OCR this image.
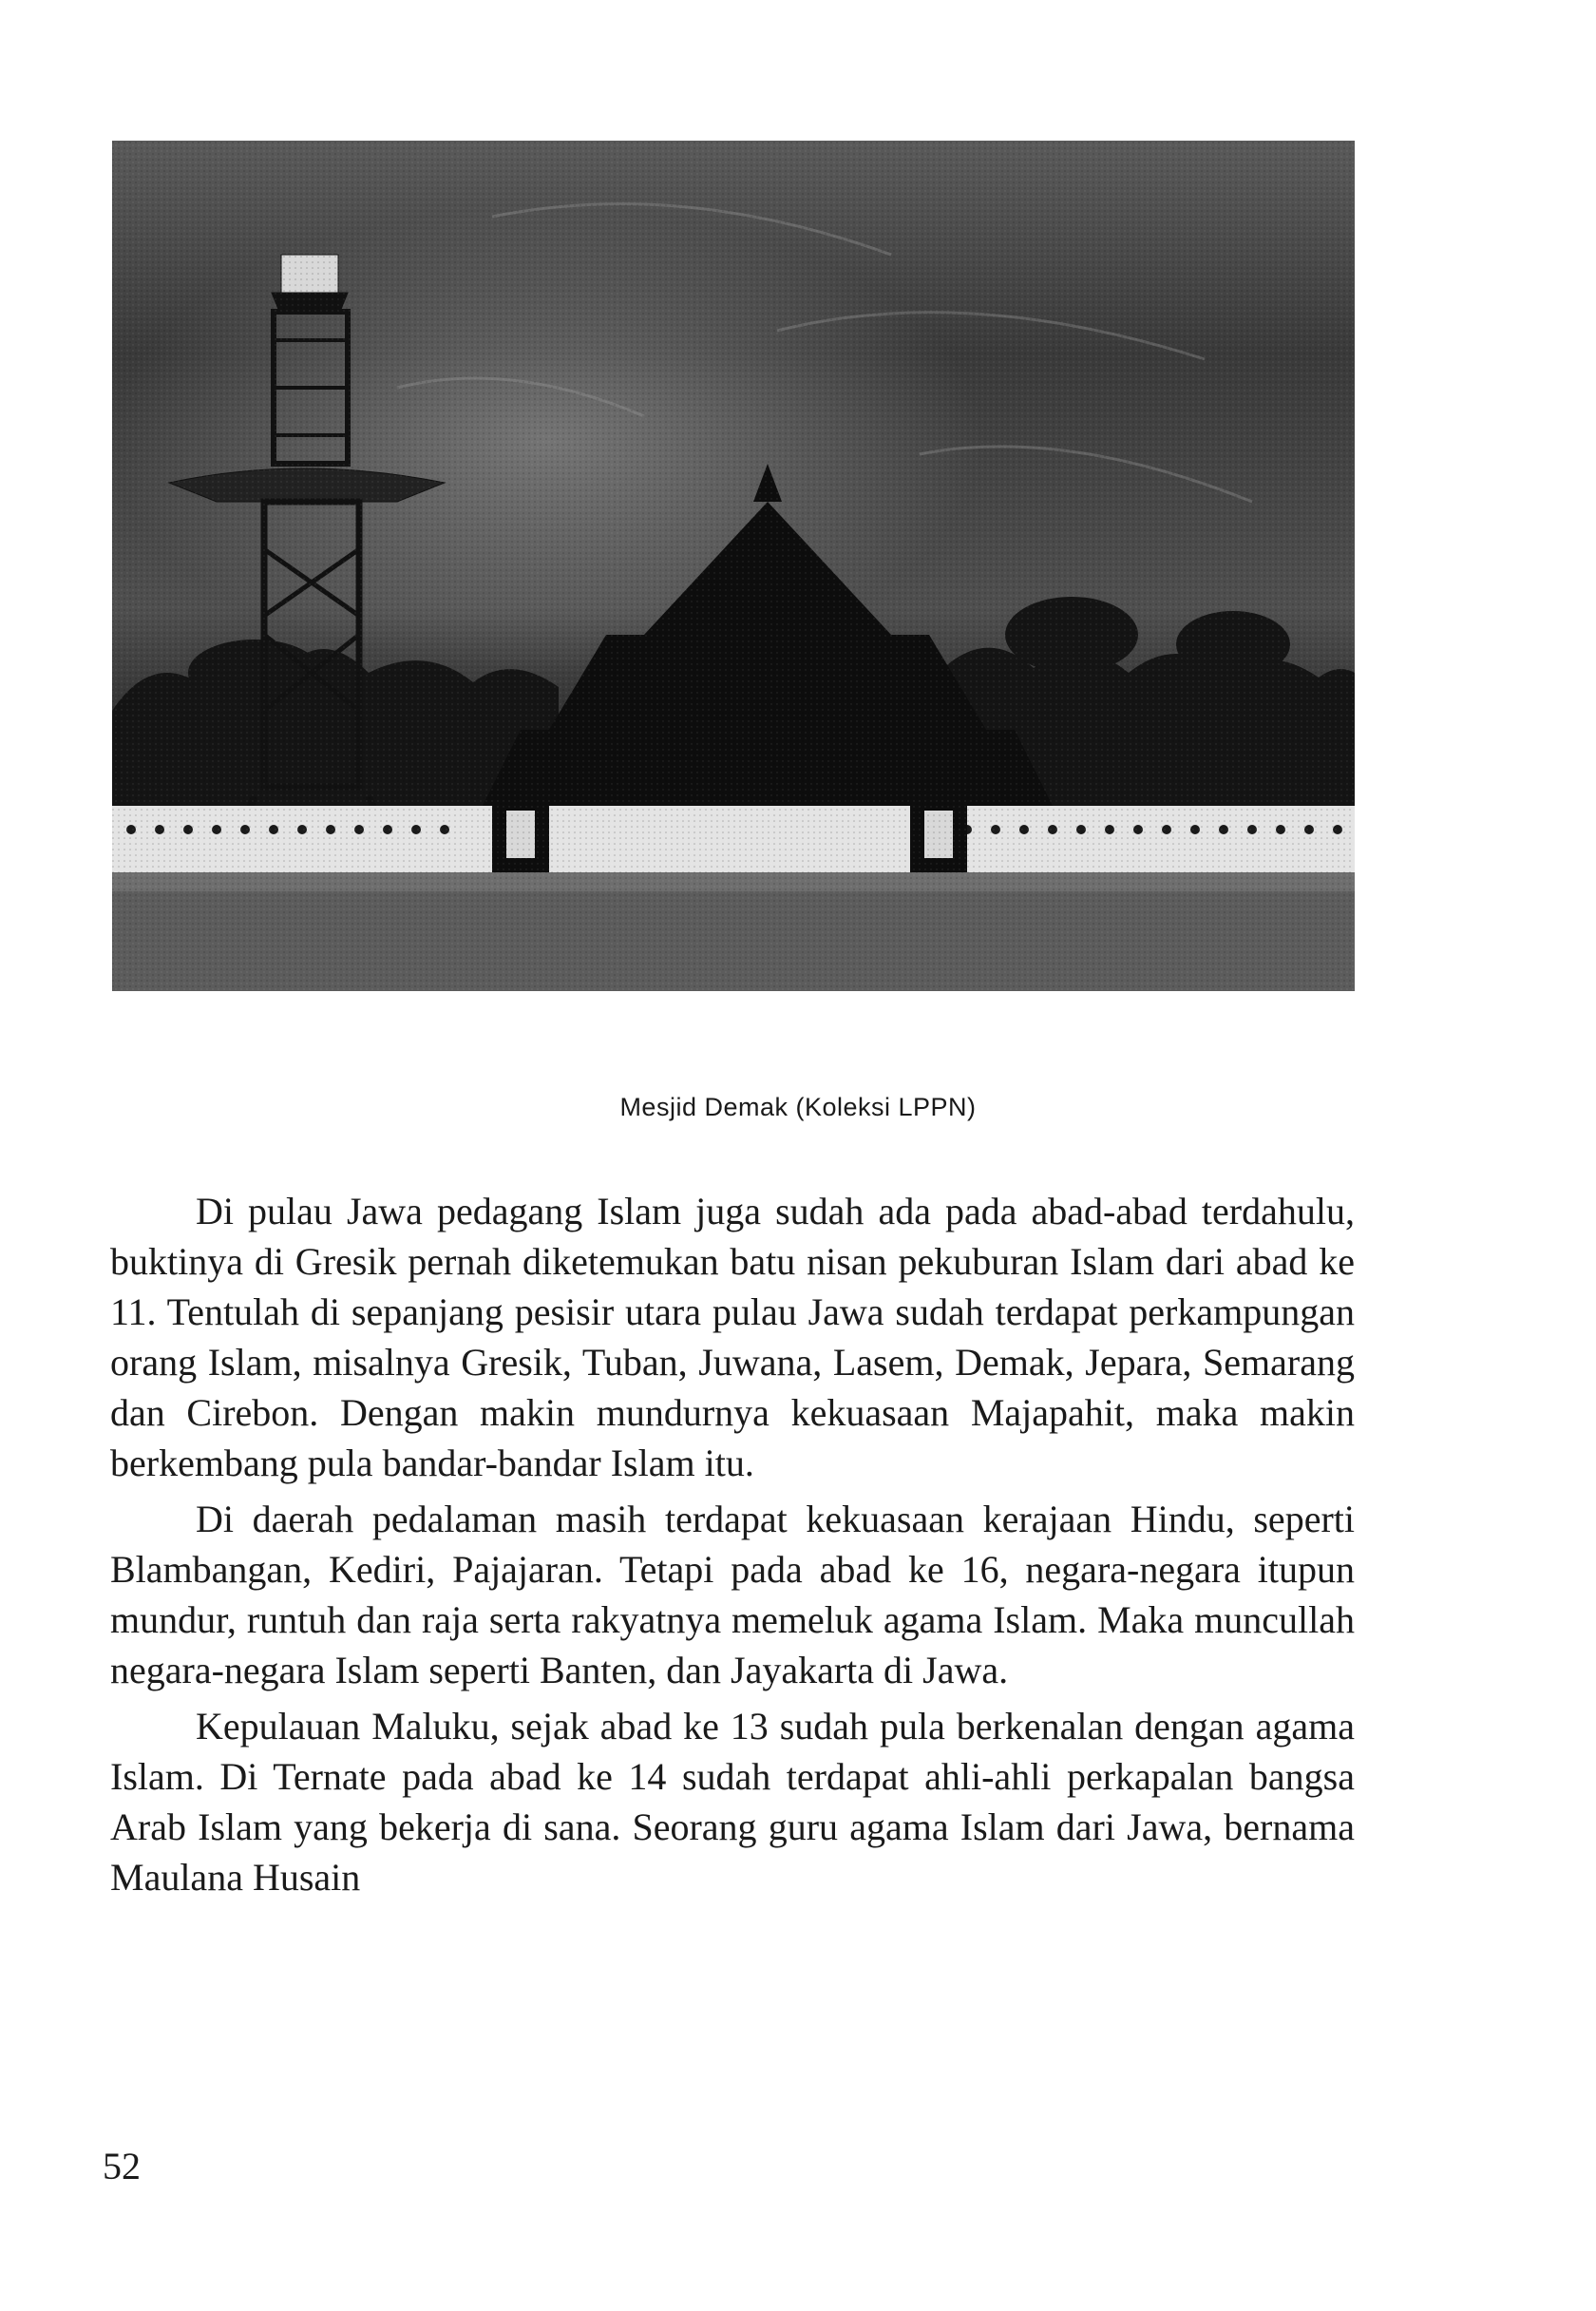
Mesjid Demak (Koleksi LPPN)

Di pulau Jawa pedagang Islam juga sudah ada pada abad-abad terdahulu, buktinya di Gresik pernah diketemukan batu nisan pekuburan Islam dari abad ke 11. Tentulah di sepanjang pesisir utara pulau Jawa sudah terdapat perkampungan orang Islam, misalnya Gresik, Tuban, Juwana, Lasem, Demak, Jepara, Semarang dan Cirebon. Dengan makin mundurnya kekuasaan Majapahit, maka makin berkembang pula bandar-bandar Islam itu.

Di daerah pedalaman masih terdapat kekuasaan kerajaan Hindu, seperti Blambangan, Kediri, Pajajaran. Tetapi pada abad ke 16, negara-negara itupun mundur, runtuh dan raja serta rakyatnya memeluk agama Islam. Maka muncullah negara-negara Islam seperti Banten, dan Jayakarta di Jawa.

Kepulauan Maluku, sejak abad ke 13 sudah pula berkenalan dengan agama Islam. Di Ternate pada abad ke 14 sudah terdapat ahli-ahli perkapalan bangsa Arab Islam yang bekerja di sana. Seorang guru agama Islam dari Jawa, bernama Maulana Husain

52
